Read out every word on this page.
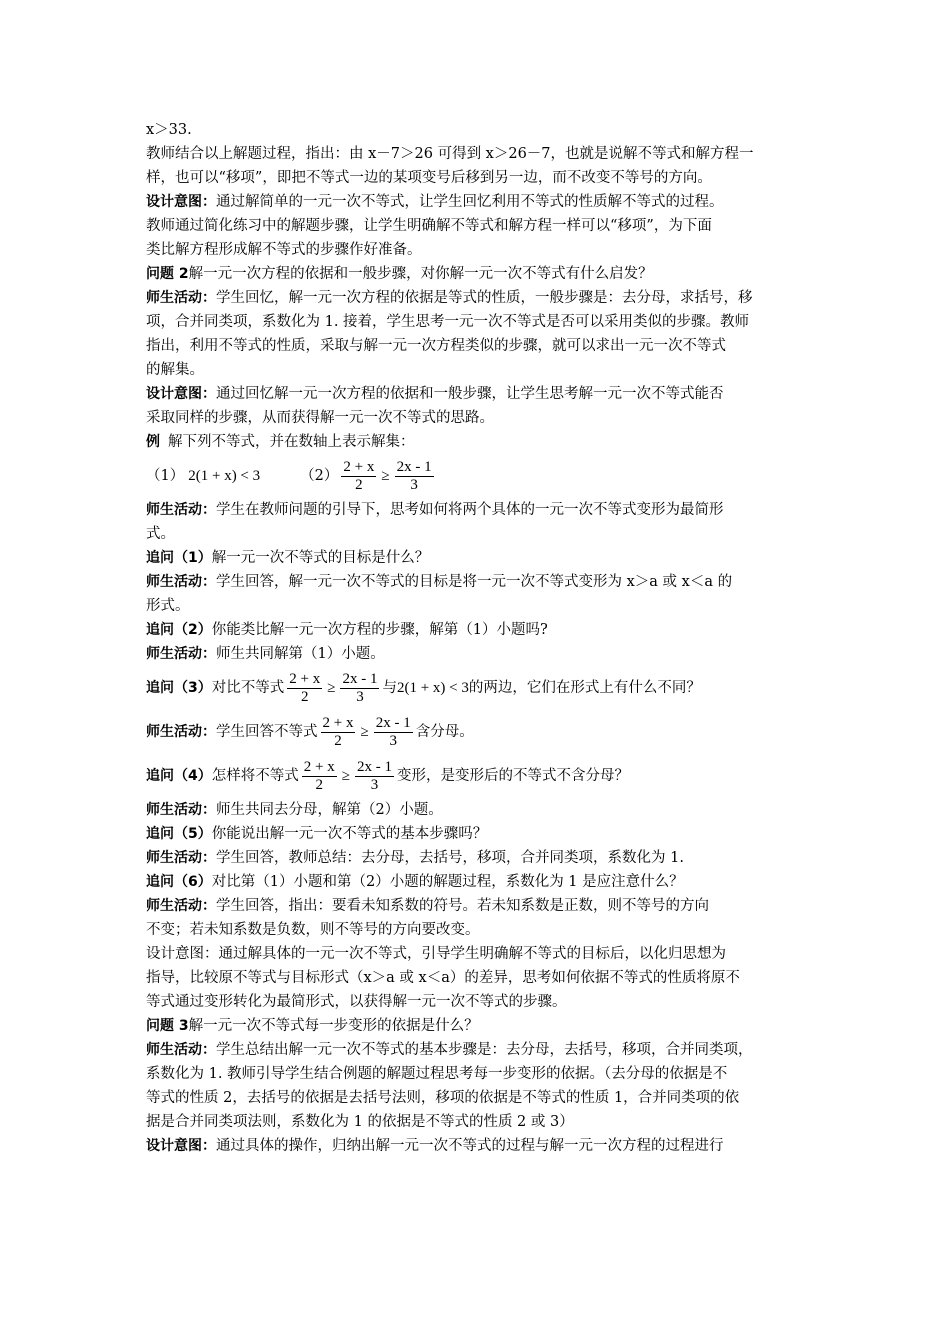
x＞33.
教师结合以上解题过程，指出：由 x－7＞26 可得到 x＞26－7，也就是说解不等式和解方程一
样，也可以“移项”，即把不等式一边的某项变号后移到另一边，而不改变不等号的方向。
设计意图： 通过解简单的一元一次不等式，让学生回忆利用不等式的性质解不等式的过程。
教师通过简化练习中的解题步骤，让学生明确解不等式和解方程一样可以“移项”，为下面
类比解方程形成解不等式的步骤作好准备。
问题 2 解一元一次方程的依据和一般步骤，对你解一元一次不等式有什么启发？
师生活动： 学生回忆，解一元一次方程的依据是等式的性质，一般步骤是：去分母，求括号，移
项，合并同类项，系数化为 1. 接着，学生思考一元一次不等式是否可以采用类似的步骤。教师
指出，利用不等式的性质，采取与解一元一次方程类似的步骤，就可以求出一元一次不等式
的解集。
设计意图： 通过回忆解一元一次方程的依据和一般步骤，让学生思考解一元一次不等式能否
采取同样的步骤，从而获得解一元一次不等式的思路。
例 解下列不等式，并在数轴上表示解集：
（1） 2(1 + x) < 3	$(2) \frac{2 + x}{2} \ge \frac{2x - 1}{3}$
师生活动： 学生在教师问题的引导下，思考如何将两个具体的一元一次不等式变形为最简形
式。
追问（1） 解一元一次不等式的目标是什么？
师生活动： 学生回答，解一元一次不等式的目标是将一元一次不等式变形为 x＞a 或 x＜a 的
形式。
追问（2） 你能类比解一元一次方程的步骤，解第（1）小题吗?
师生活动： 师生共同解第（1）小题。
追问（3） 对比不等式 $\frac{2 + x}{2} \ge \frac{2x - 1}{3}$ 与 2(1 + x) < 3 的两边，它们在形式上有什么不同？
师生活动： 学生回答不等式 $\frac{2 + x}{2} \ge \frac{2x - 1}{3}$ 含分母。
追问（4） 怎样将不等式 $\frac{2 + x}{2} \ge \frac{2x - 1}{3}$ 变形，是变形后的不等式不含分母？
师生活动： 师生共同去分母，解第（2）小题。
追问（5） 你能说出解一元一次不等式的基本步骤吗？
师生活动： 学生回答，教师总结：去分母，去括号，移项，合并同类项，系数化为 1.
追问（6） 对比第（1）小题和第（2）小题的解题过程，系数化为 1 是应注意什么？
师生活动： 学生回答，指出：要看未知系数的符号。若未知系数是正数，则不等号的方向
不变；若未知系数是负数，则不等号的方向要改变。
设计意图：通过解具体的一元一次不等式，引导学生明确解不等式的目标后，以化归思想为
指导，比较原不等式与目标形式（x＞a 或 x＜a）的差异，思考如何依据不等式的性质将原不
等式通过变形转化为最简形式，以获得解一元一次不等式的步骤。
问题 3 解一元一次不等式每一步变形的依据是什么？
师生活动： 学生总结出解一元一次不等式的基本步骤是：去分母，去括号，移项，合并同类项，
系数化为 1. 教师引导学生结合例题的解题过程思考每一步变形的依据。（去分母的依据是不
等式的性质 2，去括号的依据是去括号法则，移项的依据是不等式的性质 1，合并同类项的依
据是合并同类项法则，系数化为 1 的依据是不等式的性质 2 或 3）
设计意图： 通过具体的操作，归纳出解一元一次不等式的过程与解一元一次方程的过程进行
